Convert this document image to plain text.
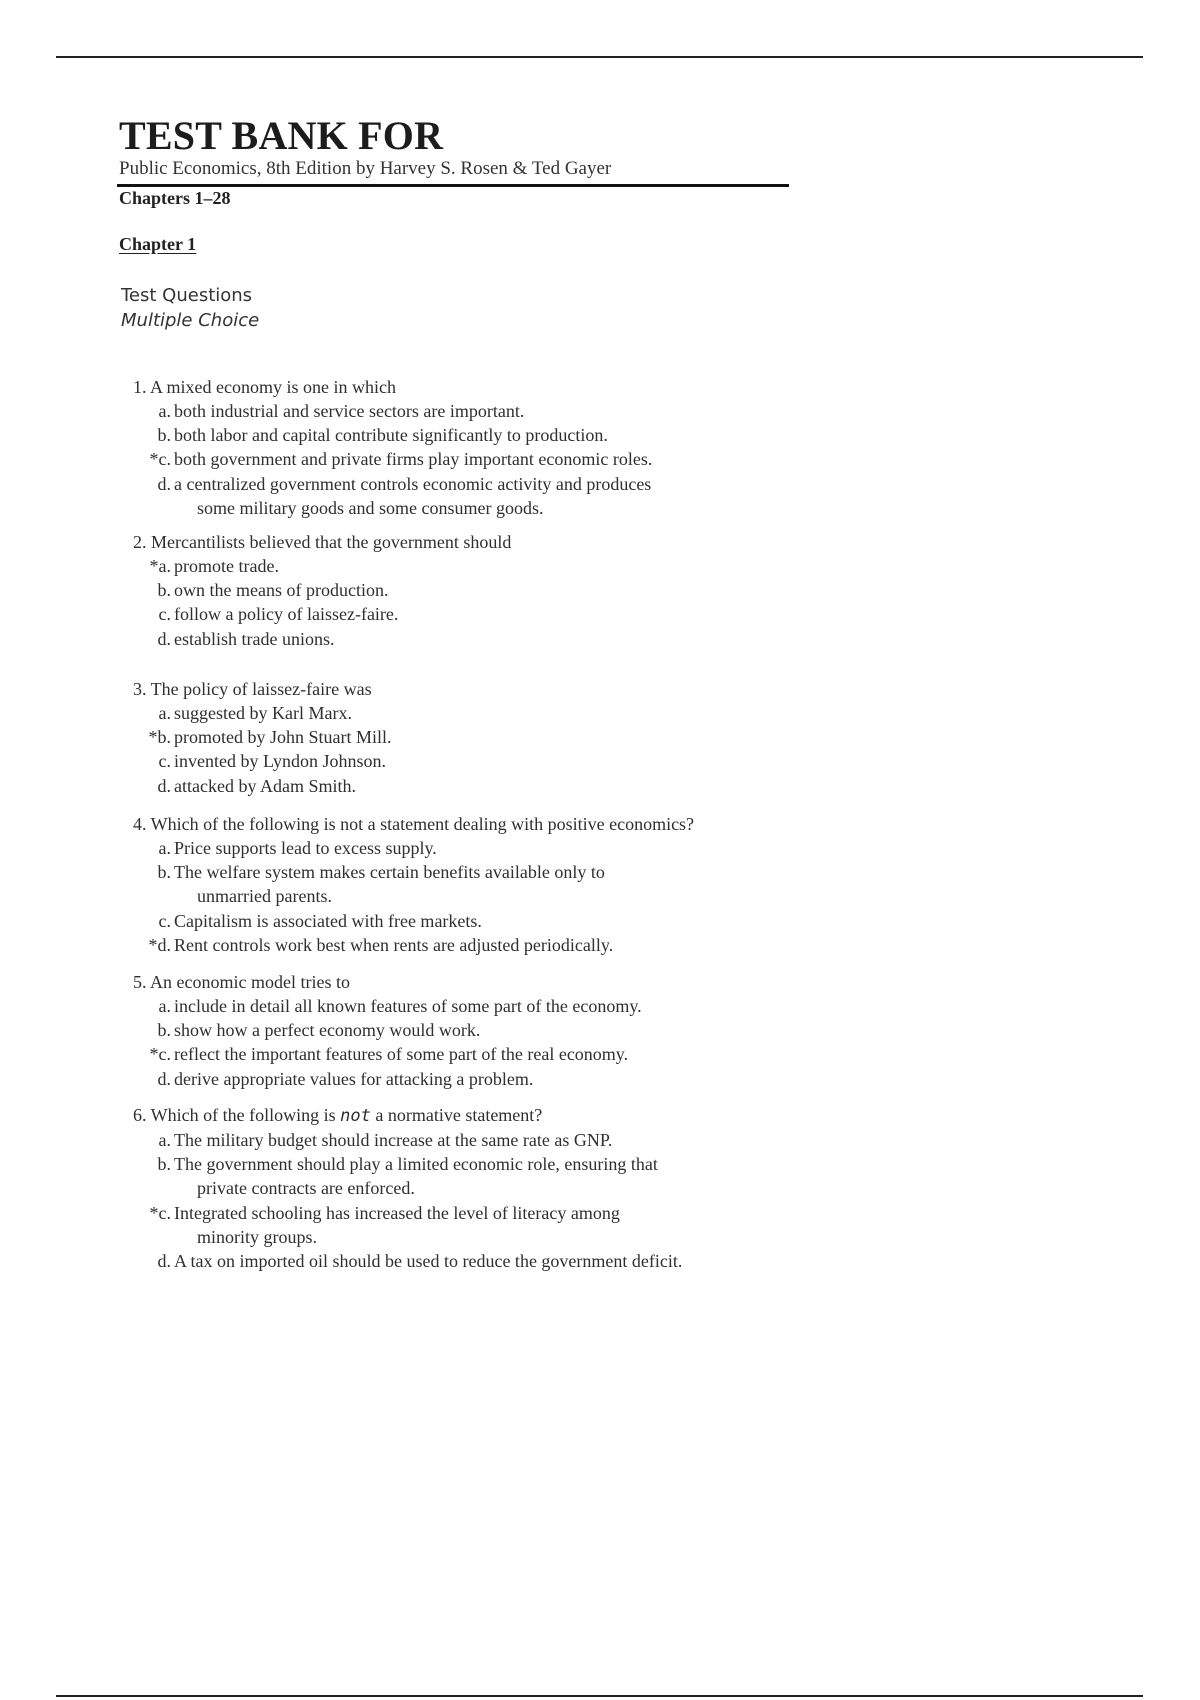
TEST BANK FOR
Public Economics, 8th Edition by Harvey S. Rosen & Ted Gayer
Chapters 1–28
Chapter 1
Test Questions
Multiple Choice
1. A mixed economy is one in which
a. both industrial and service sectors are important.
b. both labor and capital contribute significantly to production.
*c. both government and private firms play important economic roles.
d. a centralized government controls economic activity and produces
some military goods and some consumer goods.
2. Mercantilists believed that the government should
*a. promote trade.
b. own the means of production.
c. follow a policy of laissez-faire.
d. establish trade unions.
3. The policy of laissez-faire was
a. suggested by Karl Marx.
*b. promoted by John Stuart Mill.
c. invented by Lyndon Johnson.
d. attacked by Adam Smith.
4. Which of the following is not a statement dealing with positive economics?
a. Price supports lead to excess supply.
b. The welfare system makes certain benefits available only to
unmarried parents.
c. Capitalism is associated with free markets.
*d. Rent controls work best when rents are adjusted periodically.
5. An economic model tries to
a. include in detail all known features of some part of the economy.
b. show how a perfect economy would work.
*c. reflect the important features of some part of the real economy.
d. derive appropriate values for attacking a problem.
6. Which of the following is not a normative statement?
a. The military budget should increase at the same rate as GNP.
b. The government should play a limited economic role, ensuring that
private contracts are enforced.
*c. Integrated schooling has increased the level of literacy among
minority groups.
d. A tax on imported oil should be used to reduce the government deficit.
